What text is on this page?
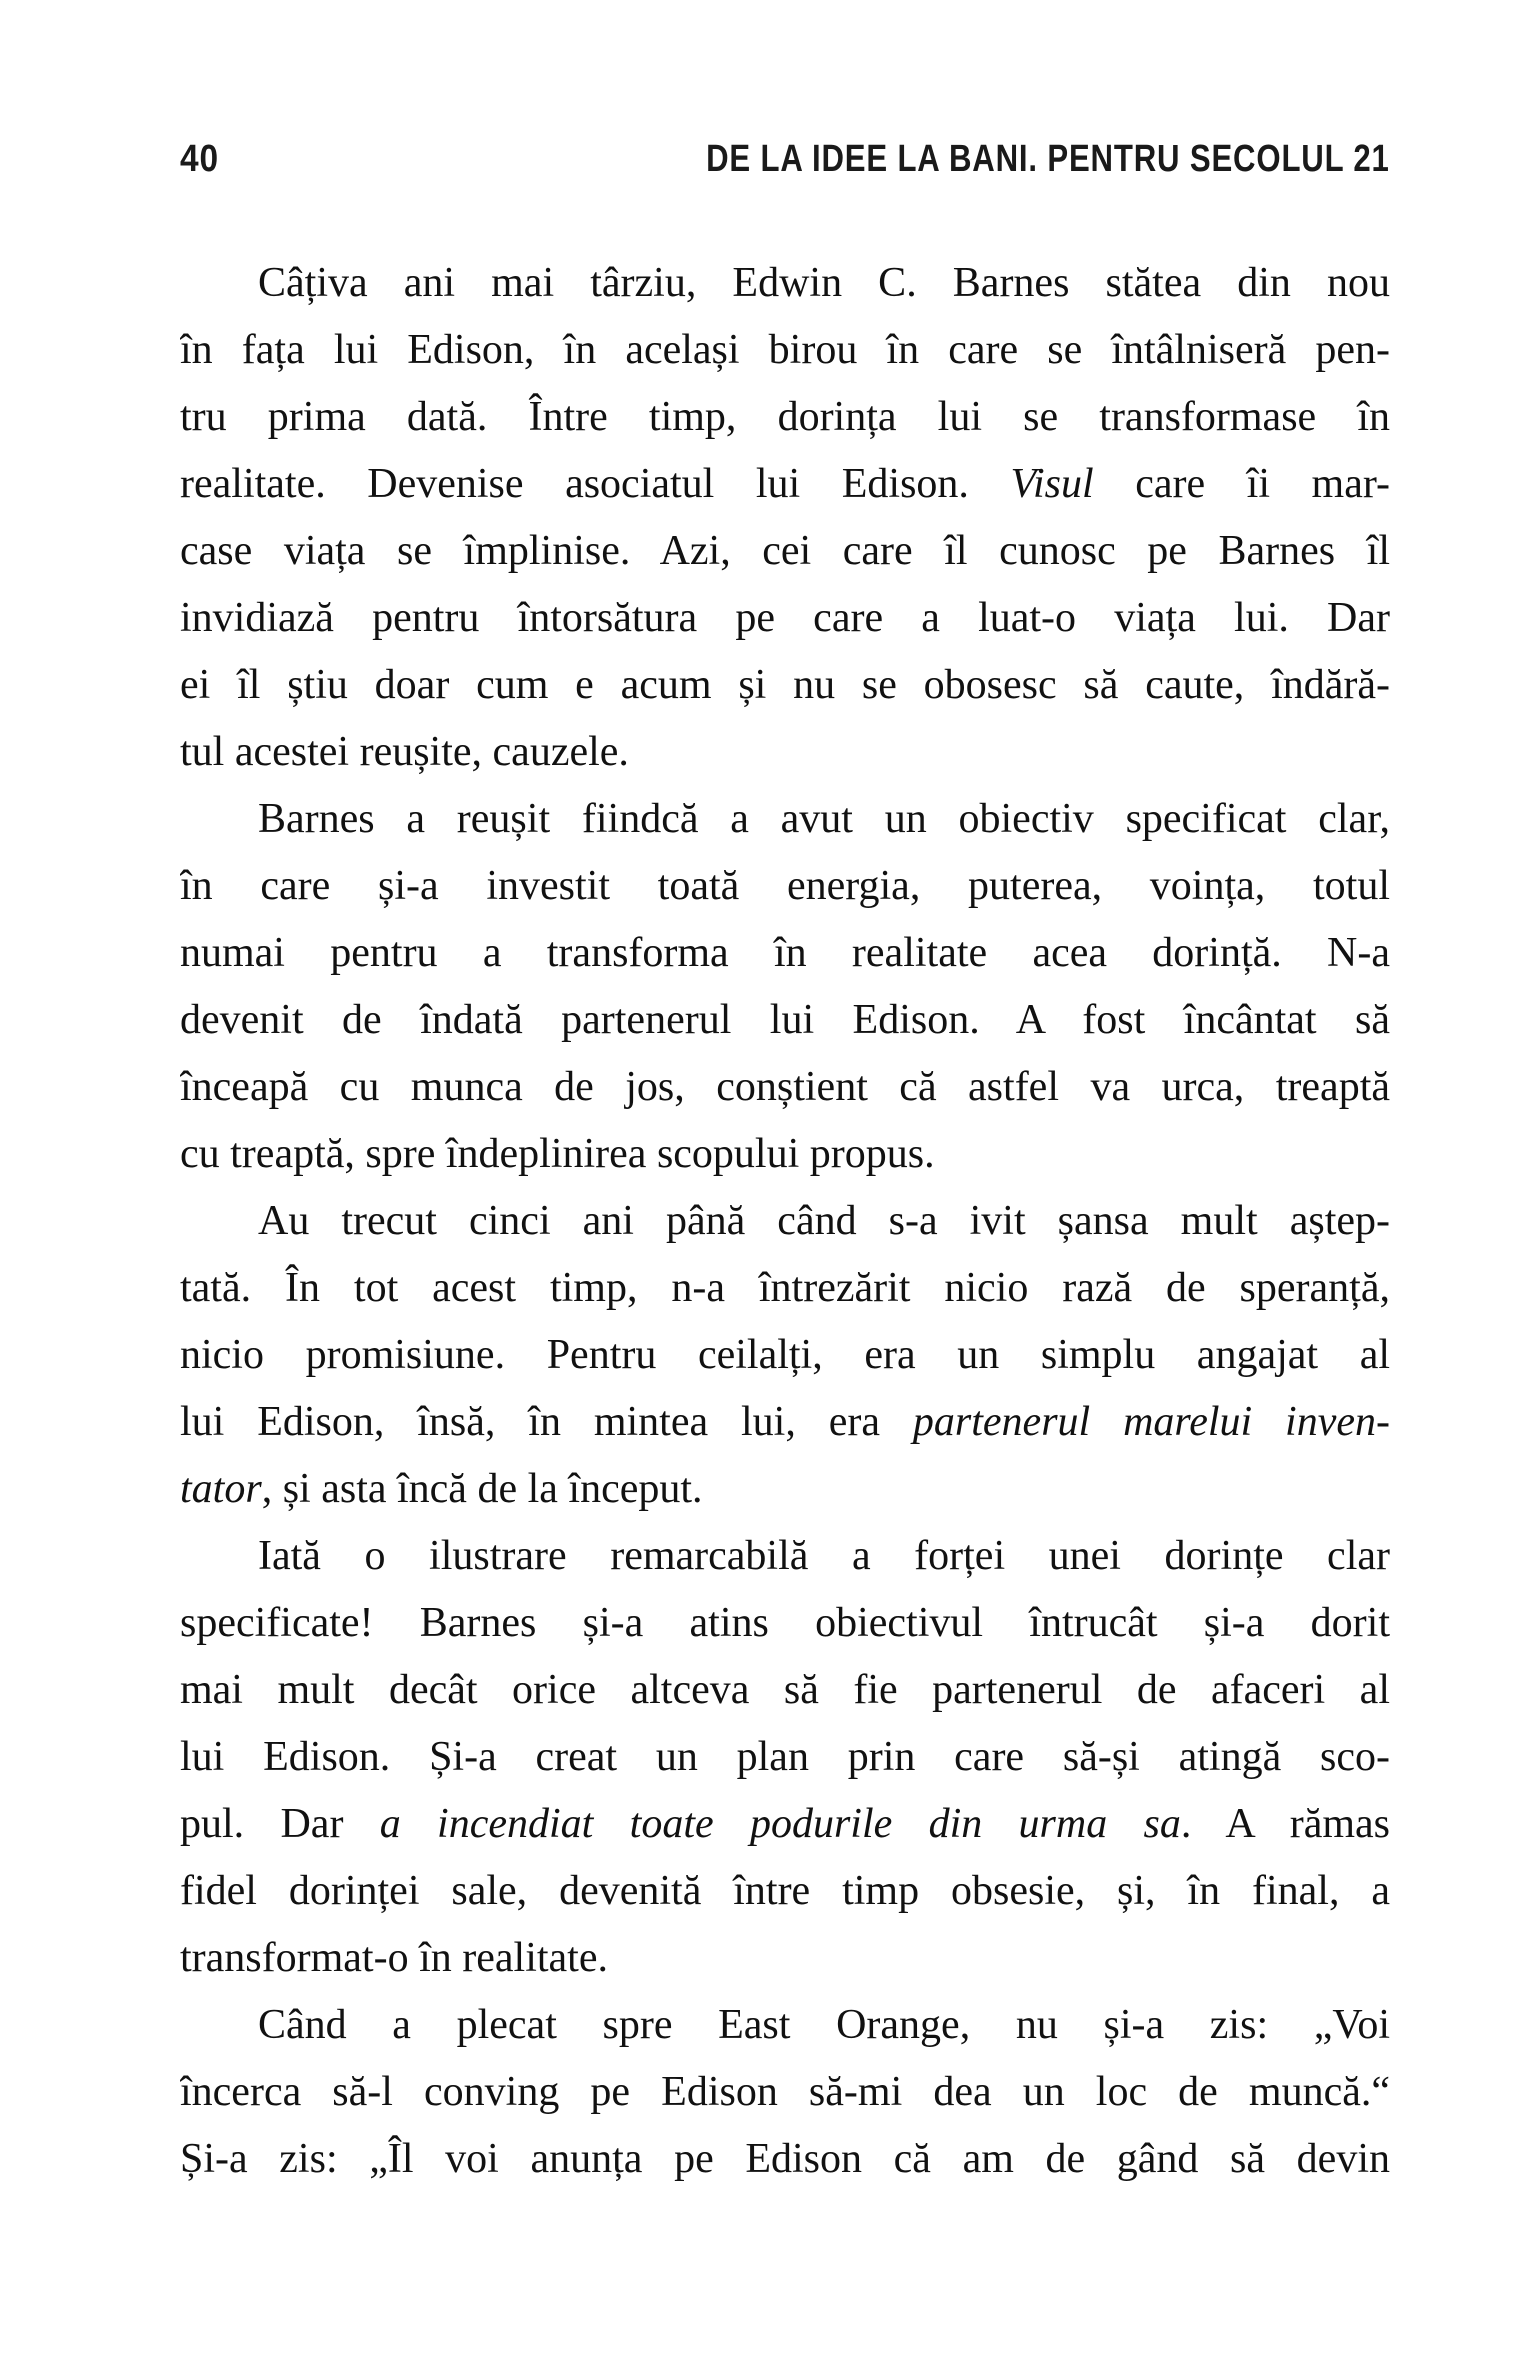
40	DE LA IDEE LA BANI. PENTRU SECOLUL 21
Câțiva ani mai târziu, Edwin C. Barnes stătea din nou
în fața lui Edison, în același birou în care se întâlniseră pen-
tru prima dată. Între timp, dorința lui se transformase în
realitate. Devenise asociatul lui Edison. Visul care îi mar-
case viața se împlinise. Azi, cei care îl cunosc pe Barnes îl
invidiază pentru întorsătura pe care a luat-o viața lui. Dar
ei îl știu doar cum e acum și nu se obosesc să caute, îndără-
tul acestei reușite, cauzele.
Barnes a reușit fiindcă a avut un obiectiv specificat clar,
în care și-a investit toată energia, puterea, voința, totul
numai pentru a transforma în realitate acea dorință. N-a
devenit de îndată partenerul lui Edison. A fost încântat să
înceapă cu munca de jos, conștient că astfel va urca, treaptă
cu treaptă, spre îndeplinirea scopului propus.
Au trecut cinci ani până când s-a ivit șansa mult aștep-
tată. În tot acest timp, n-a întrezărit nicio rază de speranță,
nicio promisiune. Pentru ceilalți, era un simplu angajat al
lui Edison, însă, în mintea lui, era partenerul marelui inven-
tator, și asta încă de la început.
Iată o ilustrare remarcabilă a forței unei dorințe clar
specificate! Barnes și-a atins obiectivul întrucât și-a dorit
mai mult decât orice altceva să fie partenerul de afaceri al
lui Edison. Și-a creat un plan prin care să-și atingă sco-
pul. Dar a incendiat toate podurile din urma sa. A rămas
fidel dorinței sale, devenită între timp obsesie, și, în final, a
transformat-o în realitate.
Când a plecat spre East Orange, nu și-a zis: „Voi
încerca să-l conving pe Edison să-mi dea un loc de muncă.“
Și-a zis: „Îl voi anunța pe Edison că am de gând să devin
